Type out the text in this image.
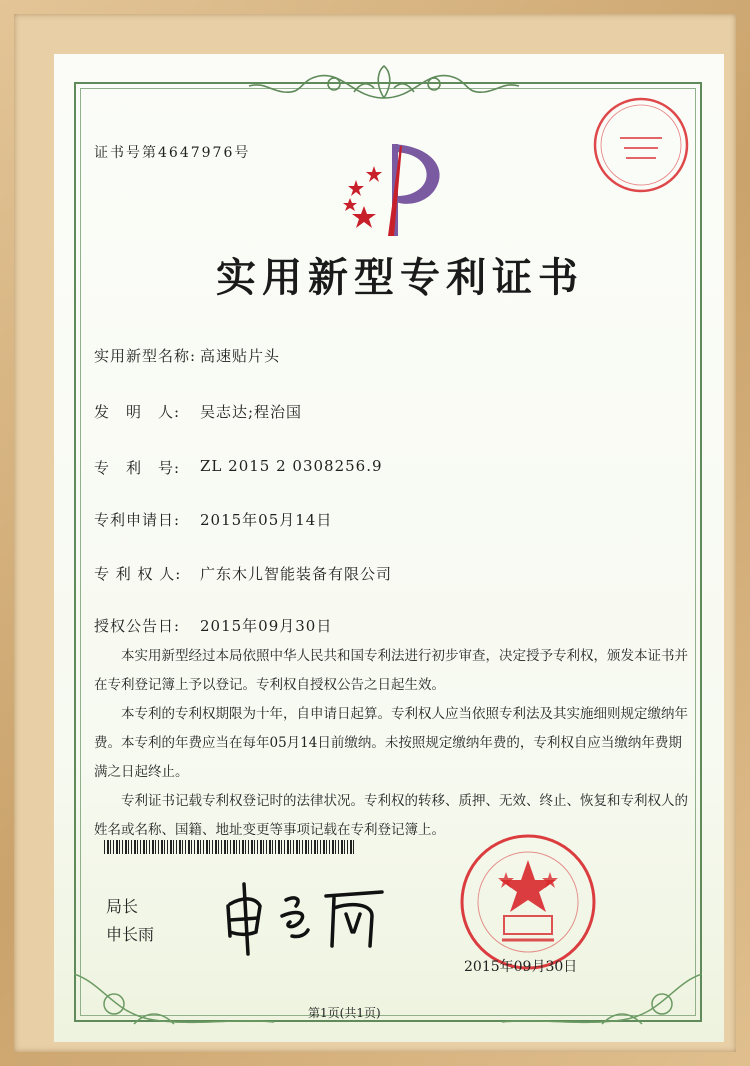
证书号第4647976号
实用新型专利证书
实用新型名称: 高速贴片头
发　明　人: 吴志达;程治国
专　利　号: ZL 2015 2 0308256.9
专利申请日: 2015年05月14日
专 利 权 人: 广东木儿智能装备有限公司
授权公告日: 2015年09月30日
本实用新型经过本局依照中华人民共和国专利法进行初步审查，决定授予专利权，颁发本证书并在专利登记簿上予以登记。专利权自授权公告之日起生效。
本专利的专利权期限为十年，自申请日起算。专利权人应当依照专利法及其实施细则规定缴纳年费。本专利的年费应当在每年05月14日前缴纳。未按照规定缴纳年费的，专利权自应当缴纳年费期满之日起终止。
专利证书记载专利权登记时的法律状况。专利权的转移、质押、无效、终止、恢复和专利权人的姓名或名称、国籍、地址变更等事项记载在专利登记簿上。
局长
申长雨
2015年09月30日
第1页(共1页)
